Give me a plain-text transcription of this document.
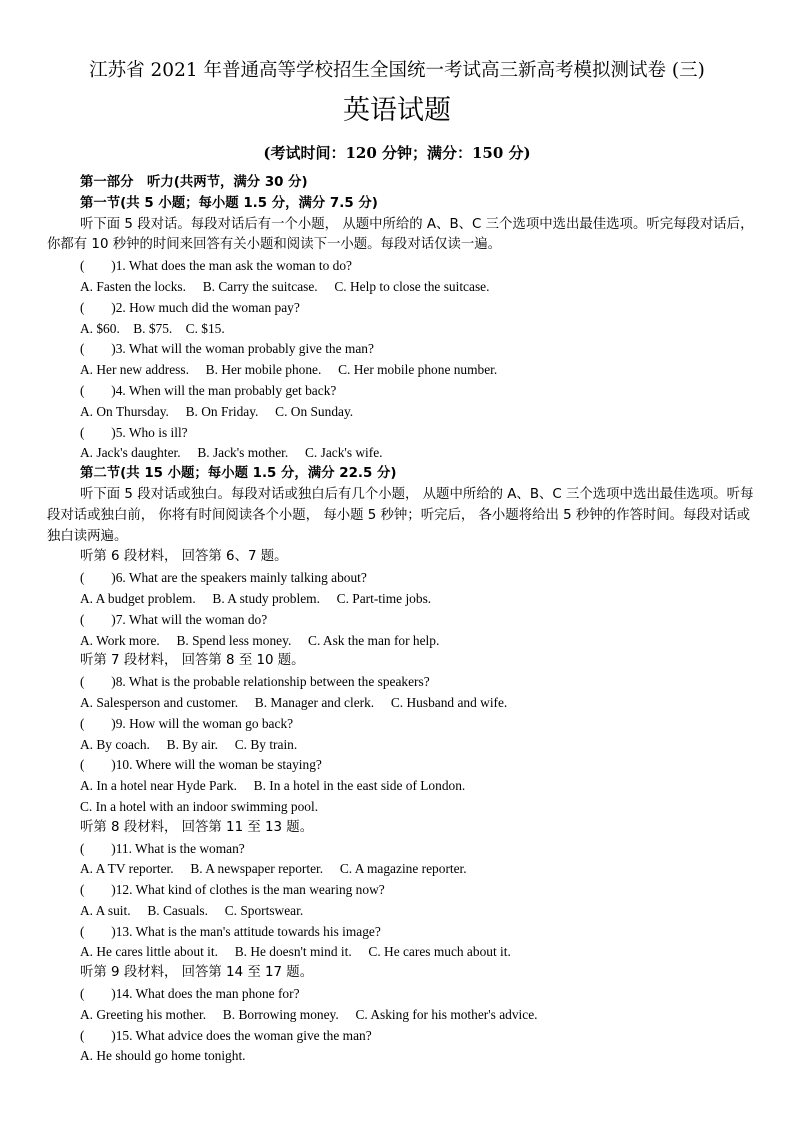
江苏省 2021 年普通高等学校招生全国统一考试高三新高考模拟测试卷 (三)
英语试题
(考试时间：120 分钟；满分：150 分)
第一部分　听力(共两节，满分 30 分)
第一节(共 5 小题；每小题 1.5 分，满分 7.5 分)
听下面 5 段对话。每段对话后有一个小题， 从题中所给的 A、B、C 三个选项中选出最佳选项。听完每段对话后， 你都有 10 秒钟的时间来回答有关小题和阅读下一小题。每段对话仅读一遍。
(　　)1. What does the man ask the woman to do?
A. Fasten the locks.　 B. Carry the suitcase.　 C. Help to close the suitcase.
(　　)2. How much did the woman pay?
A. $60.　B. $75.　C. $15.
(　　)3. What will the woman probably give the man?
A. Her new address.　 B. Her mobile phone.　 C. Her mobile phone number.
(　　)4. When will the man probably get back?
A. On Thursday.　 B. On Friday.　 C. On Sunday.
(　　)5. Who is ill?
A. Jack's daughter.　 B. Jack's mother.　 C. Jack's wife.
第二节(共 15 小题；每小题 1.5 分，满分 22.5 分)
听下面 5 段对话或独白。每段对话或独白后有几个小题， 从题中所给的 A、B、C 三个选项中选出最佳选项。听每段对话或独白前， 你将有时间阅读各个小题， 每小题 5 秒钟；听完后， 各小题将给出 5 秒钟的作答时间。每段对话或独白读两遍。
听第 6 段材料， 回答第 6、7 题。
(　　)6. What are the speakers mainly talking about?
A. A budget problem.　 B. A study problem.　 C. Part-time jobs.
(　　)7. What will the woman do?
A. Work more.　 B. Spend less money.　 C. Ask the man for help.
听第 7 段材料， 回答第 8 至 10 题。
(　　)8. What is the probable relationship between the speakers?
A. Salesperson and customer.　 B. Manager and clerk.　 C. Husband and wife.
(　　)9. How will the woman go back?
A. By coach.　 B. By air.　 C. By train.
(　　)10. Where will the woman be staying?
A. In a hotel near Hyde Park.　 B. In a hotel in the east side of London.
C. In a hotel with an indoor swimming pool.
听第 8 段材料， 回答第 11 至 13 题。
(　　)11. What is the woman?
A. A TV reporter.　 B. A newspaper reporter.　 C. A magazine reporter.
(　　)12. What kind of clothes is the man wearing now?
A. A suit.　 B. Casuals.　 C. Sportswear.
(　　)13. What is the man's attitude towards his image?
A. He cares little about it.　 B. He doesn't mind it.　 C. He cares much about it.
听第 9 段材料， 回答第 14 至 17 题。
(　　)14. What does the man phone for?
A. Greeting his mother.　 B. Borrowing money.　 C. Asking for his mother's advice.
(　　)15. What advice does the woman give the man?
A. He should go home tonight.
